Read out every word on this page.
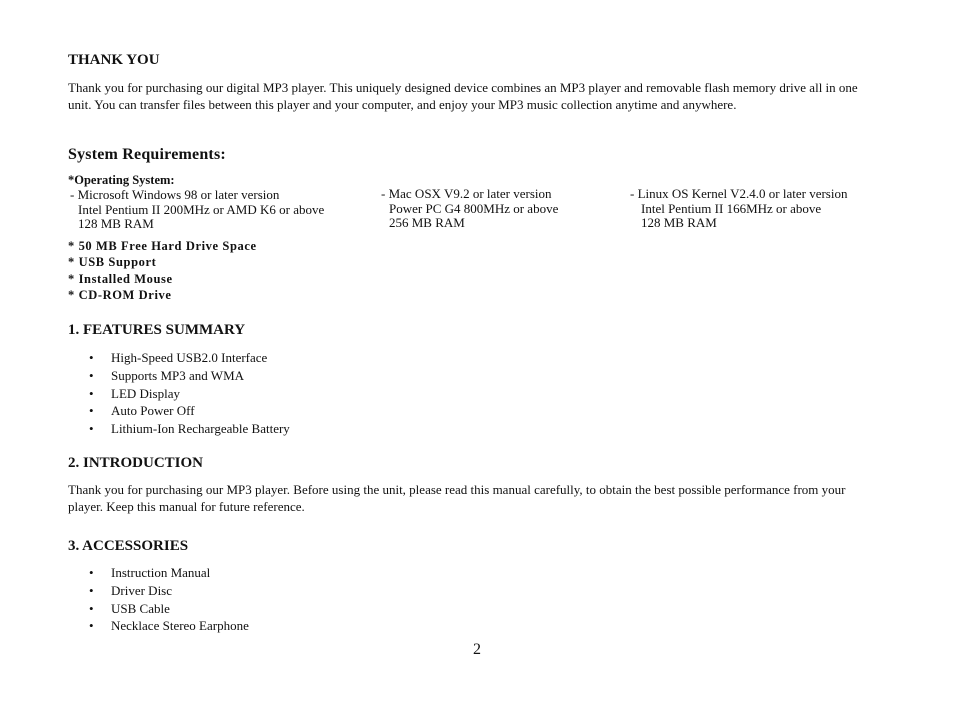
THANK YOU
Thank you for purchasing our digital MP3 player. This uniquely designed device combines an MP3 player and removable flash memory drive all in one unit. You can transfer files between this player and your computer, and enjoy your MP3 music collection anytime and anywhere.
System Requirements:
*Operating System:
- Microsoft Windows 98 or later version
Intel Pentium II 200MHz or AMD K6 or above
128 MB RAM
- Mac OSX V9.2 or later version
Power PC G4 800MHz or above
256 MB RAM
- Linux OS Kernel V2.4.0 or later version
Intel Pentium II 166MHz or above
128 MB RAM
* 50 MB Free Hard Drive Space
* USB Support
* Installed Mouse
* CD-ROM Drive
1. FEATURES SUMMARY
• High-Speed USB2.0 Interface
• Supports MP3 and WMA
• LED Display
• Auto Power Off
• Lithium-Ion Rechargeable Battery
2. INTRODUCTION
Thank you for purchasing our MP3 player. Before using the unit, please read this manual carefully, to obtain the best possible performance from your player. Keep this manual for future reference.
3. ACCESSORIES
• Instruction Manual
• Driver Disc
• USB Cable
• Necklace Stereo Earphone
2
